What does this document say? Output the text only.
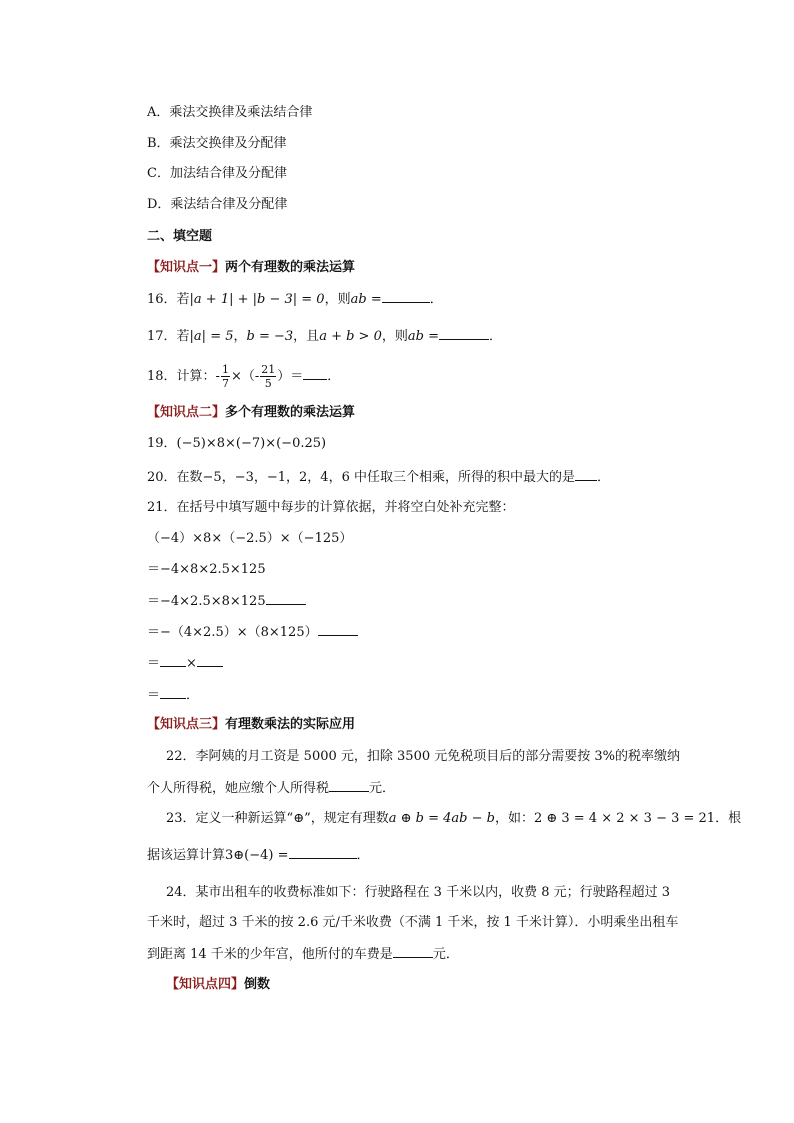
A．乘法交换律及乘法结合律
B．乘法交换律及分配律
C．加法结合律及分配律
D．乘法结合律及分配律
二、填空题
【知识点一】两个有理数的乘法运算
16．若|a + 1| + |b − 3| = 0，则ab =	．
17．若|a| = 5，b = −3，且a + b > 0，则ab =	．
18．计算：- $\frac{1}{7}$ ×（- $\frac{21}{5}$ ）＝ ．
【知识点二】多个有理数的乘法运算
19．(−5)×8×(−7)×(−0.25)
20．在数−5，−3，−1，2，4，6 中任取三个相乘，所得的积中最大的是 ．
21．在括号中填写题中每步的计算依据，并将空白处补充完整：
（−4）×8×（−2.5）×（−125）
＝−4×8×2.5×125
＝−4×2.5×8×125
＝−（4×2.5）×（8×125）
＝ ×
＝ ．
【知识点三】有理数乘法的实际应用
22．李阿姨的月工资是 5000 元，扣除 3500 元免税项目后的部分需要按 3%的税率缴纳
个人所得税，她应缴个人所得税	元．
23．定义一种新运算“⊕”，规定有理数a ⊕ b = 4ab − b，如：2 ⊕ 3 = 4 × 2 × 3 − 3 = 21．根
据该运算计算3⊕(−4) =	．
24．某市出租车的收费标准如下：行驶路程在 3 千米以内，收费 8 元；行驶路程超过 3
千米时，超过 3 千米的按 2.6 元/千米收费（不满 1 千米，按 1 千米计算）．小明乘坐出租车
到距离 14 千米的少年宫，他所付的车费是	元．
【知识点四】倒数
